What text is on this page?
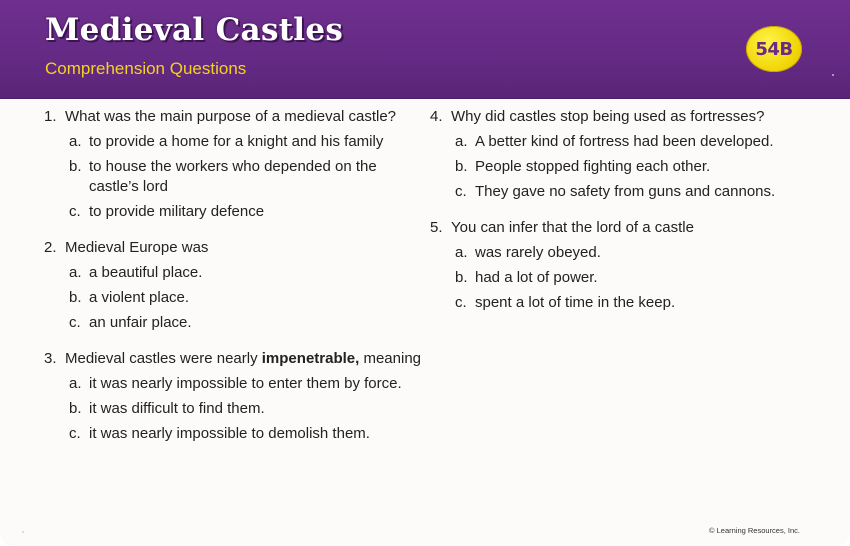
Medieval Castles
Comprehension Questions
54B
1. What was the main purpose of a medieval castle?
a. to provide a home for a knight and his family
b. to house the workers who depended on the castle’s lord
c. to provide military defence
2. Medieval Europe was
a. a beautiful place.
b. a violent place.
c. an unfair place.
3. Medieval castles were nearly impenetrable, meaning
a. it was nearly impossible to enter them by force.
b. it was difficult to find them.
c. it was nearly impossible to demolish them.
4. Why did castles stop being used as fortresses?
a. A better kind of fortress had been developed.
b. People stopped fighting each other.
c. They gave no safety from guns and cannons.
5. You can infer that the lord of a castle
a. was rarely obeyed.
b. had a lot of power.
c. spent a lot of time in the keep.
© Learning Resources, Inc.
